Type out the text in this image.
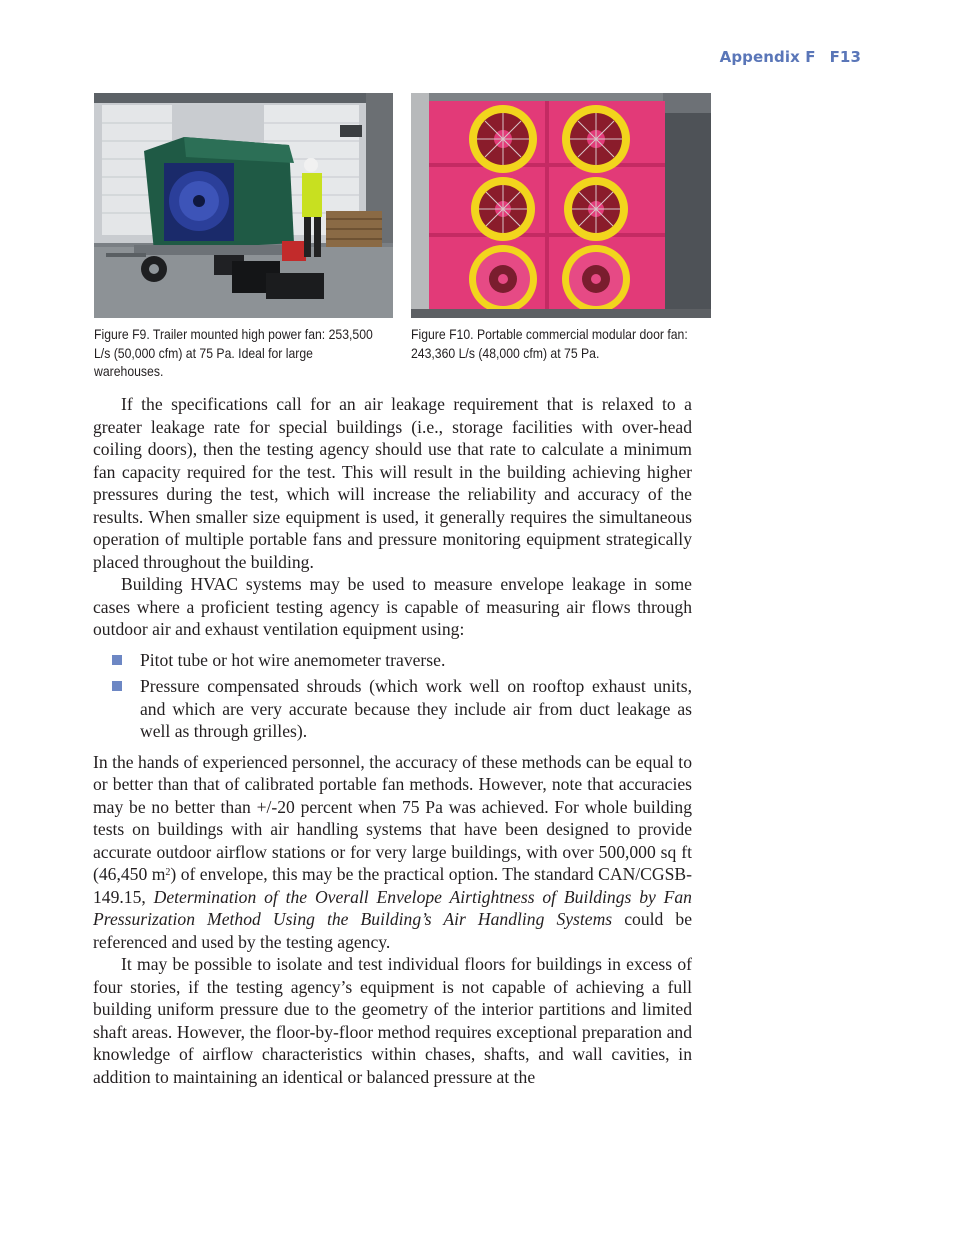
Appendix F F13
Figure F9. Trailer mounted high power fan: 253,500 L/s (50,000 cfm) at 75 Pa. Ideal for large warehouses.
Figure F10. Portable commercial modular door fan: 243,360 L/s (48,000 cfm) at 75 Pa.

If the specifications call for an air leakage requirement that is relaxed to a greater leakage rate for special buildings (i.e., storage facilities with over-head coiling doors), then the testing agency should use that rate to calculate a minimum fan capacity required for the test. This will result in the building achieving higher pressures during the test, which will increase the reliability and accuracy of the results. When smaller size equipment is used, it generally requires the simultaneous operation of multiple portable fans and pressure monitoring equipment strategically placed throughout the building.

Building HVAC systems may be used to measure envelope leakage in some cases where a proficient testing agency is capable of measuring air flows through outdoor air and exhaust ventilation equipment using:

Pitot tube or hot wire anemometer traverse.
Pressure compensated shrouds (which work well on rooftop exhaust units, and which are very accurate because they include air from duct leakage as well as through grilles).

In the hands of experienced personnel, the accuracy of these methods can be equal to or better than that of calibrated portable fan methods. However, note that accuracies may be no better than +/-20 percent when 75 Pa was achieved. For whole building tests on buildings with air handling systems that have been designed to provide accurate outdoor airflow stations or for very large buildings, with over 500,000 sq ft (46,450 $m^2$) of envelope, this may be the practical option. The standard CAN/CGSB-149.15, Determination of the Overall Envelope Airtightness of Buildings by Fan Pressurization Method Using the Building’s Air Handling Systems could be referenced and used by the testing agency.

It may be possible to isolate and test individual floors for buildings in excess of four stories, if the testing agency’s equipment is not capable of achieving a full building uniform pressure due to the geometry of the interior partitions and limited shaft areas. However, the floor-by-floor method requires exceptional preparation and knowledge of airflow characteristics within chases, shafts, and wall cavities, in addition to maintaining an identical or balanced pressure at the
